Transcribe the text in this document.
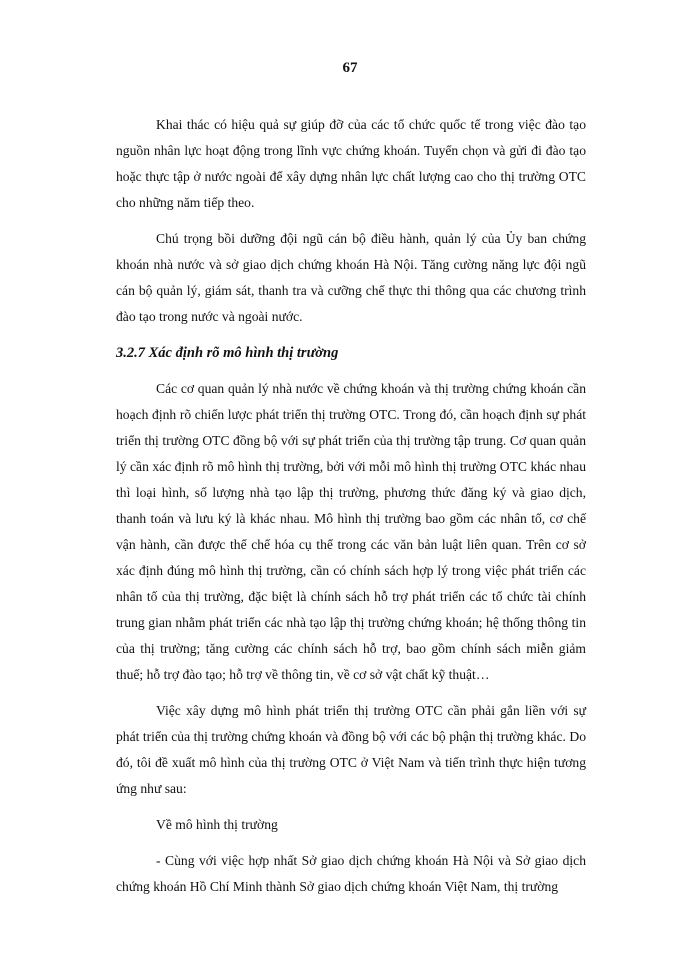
67

Khai thác có hiệu quả sự giúp đỡ của các tổ chức quốc tế trong việc đào tạo nguồn nhân lực hoạt động trong lĩnh vực chứng khoán. Tuyển chọn và gửi đi đào tạo hoặc thực tập ở nước ngoài để xây dựng nhân lực chất lượng cao cho thị trường OTC cho những năm tiếp theo.

Chú trọng bồi dưỡng đội ngũ cán bộ điều hành, quản lý của Ủy ban chứng khoán nhà nước và sở giao dịch chứng khoán Hà Nội. Tăng cường năng lực đội ngũ cán bộ quản lý, giám sát, thanh tra và cưỡng chế thực thi thông qua các chương trình đào tạo trong nước và ngoài nước.

3.2.7 Xác định rõ mô hình thị trường

Các cơ quan quản lý nhà nước về chứng khoán và thị trường chứng khoán cần hoạch định rõ chiến lược phát triển thị trường OTC. Trong đó, cần hoạch định sự phát triển thị trường OTC đồng bộ với sự phát triển của thị trường tập trung. Cơ quan quản lý cần xác định rõ mô hình thị trường, bởi với mỗi mô hình thị trường OTC khác nhau thì loại hình, số lượng nhà tạo lập thị trường, phương thức đăng ký và giao dịch, thanh toán và lưu ký là khác nhau. Mô hình thị trường bao gồm các nhân tố, cơ chế vận hành, cần được thể chế hóa cụ thể trong các văn bản luật liên quan. Trên cơ sở xác định đúng mô hình thị trường, cần có chính sách hợp lý trong việc phát triển các nhân tố của thị trường, đặc biệt là chính sách hỗ trợ phát triển các tổ chức tài chính trung gian nhằm phát triển các nhà tạo lập thị trường chứng khoán; hệ thống thông tin của thị trường; tăng cường các chính sách hỗ trợ, bao gồm chính sách miễn giảm thuế; hỗ trợ đào tạo; hỗ trợ về thông tin, về cơ sở vật chất kỹ thuật…

Việc xây dựng mô hình phát triển thị trường OTC cần phải gắn liền với sự phát triển của thị trường chứng khoán và đồng bộ với các bộ phận thị trường khác. Do đó, tôi đề xuất mô hình của thị trường OTC ở Việt Nam và tiến trình thực hiện tương ứng như sau:

Về mô hình thị trường

- Cùng với việc hợp nhất Sở giao dịch chứng khoán Hà Nội và Sở giao dịch chứng khoán Hồ Chí Minh thành Sở giao dịch chứng khoán Việt Nam, thị trường
